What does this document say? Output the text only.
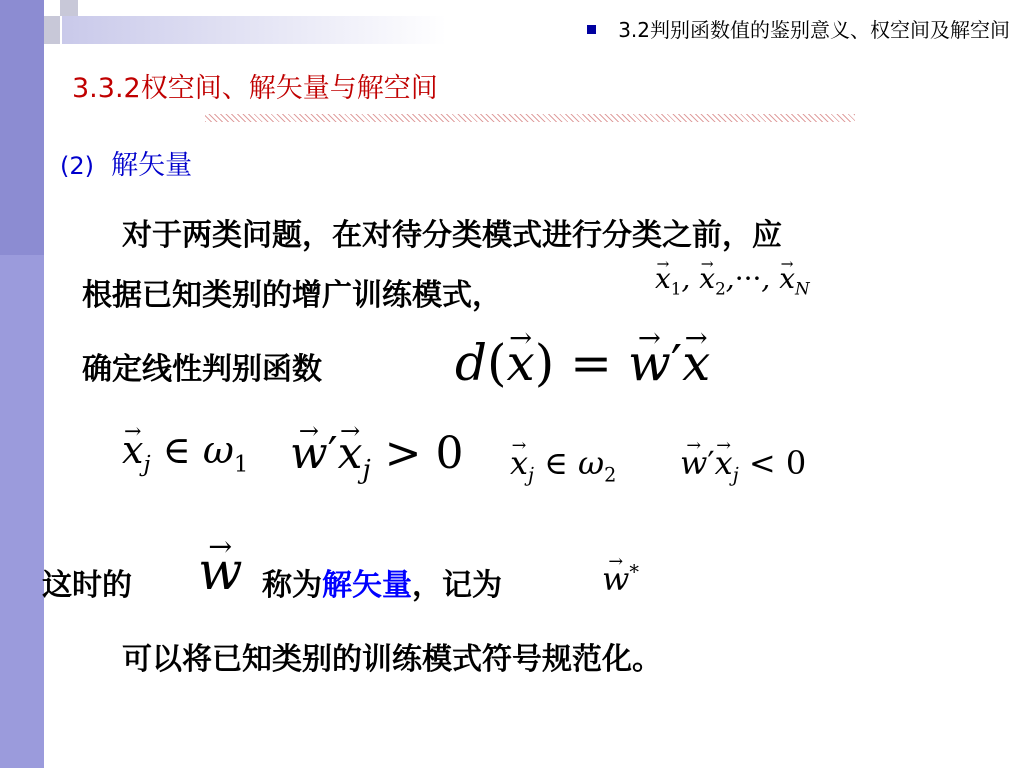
3.2判别函数值的鉴别意义、权空间及解空间
3.3.2权空间、解矢量与解空间
(2) 解矢量
对于两类问题，在对待分类模式进行分类之前，应
根据已知类别的增广训练模式，
→	$x_1$, → $x_2,\cdot\cdot\cdot$, → $x_N$
确定线性判别函数	d(→ x) = → w′→ x
→ $x_j$ ∈ $\omega_1$
→ $w'\to x_j > 0$
→ $x_j$ ∈ $\omega_2$
→ $w'\to x_j < 0$
这时的
→ w 称为解矢量，记为
→	w*
可以将已知类别的训练模式符号规范化。
